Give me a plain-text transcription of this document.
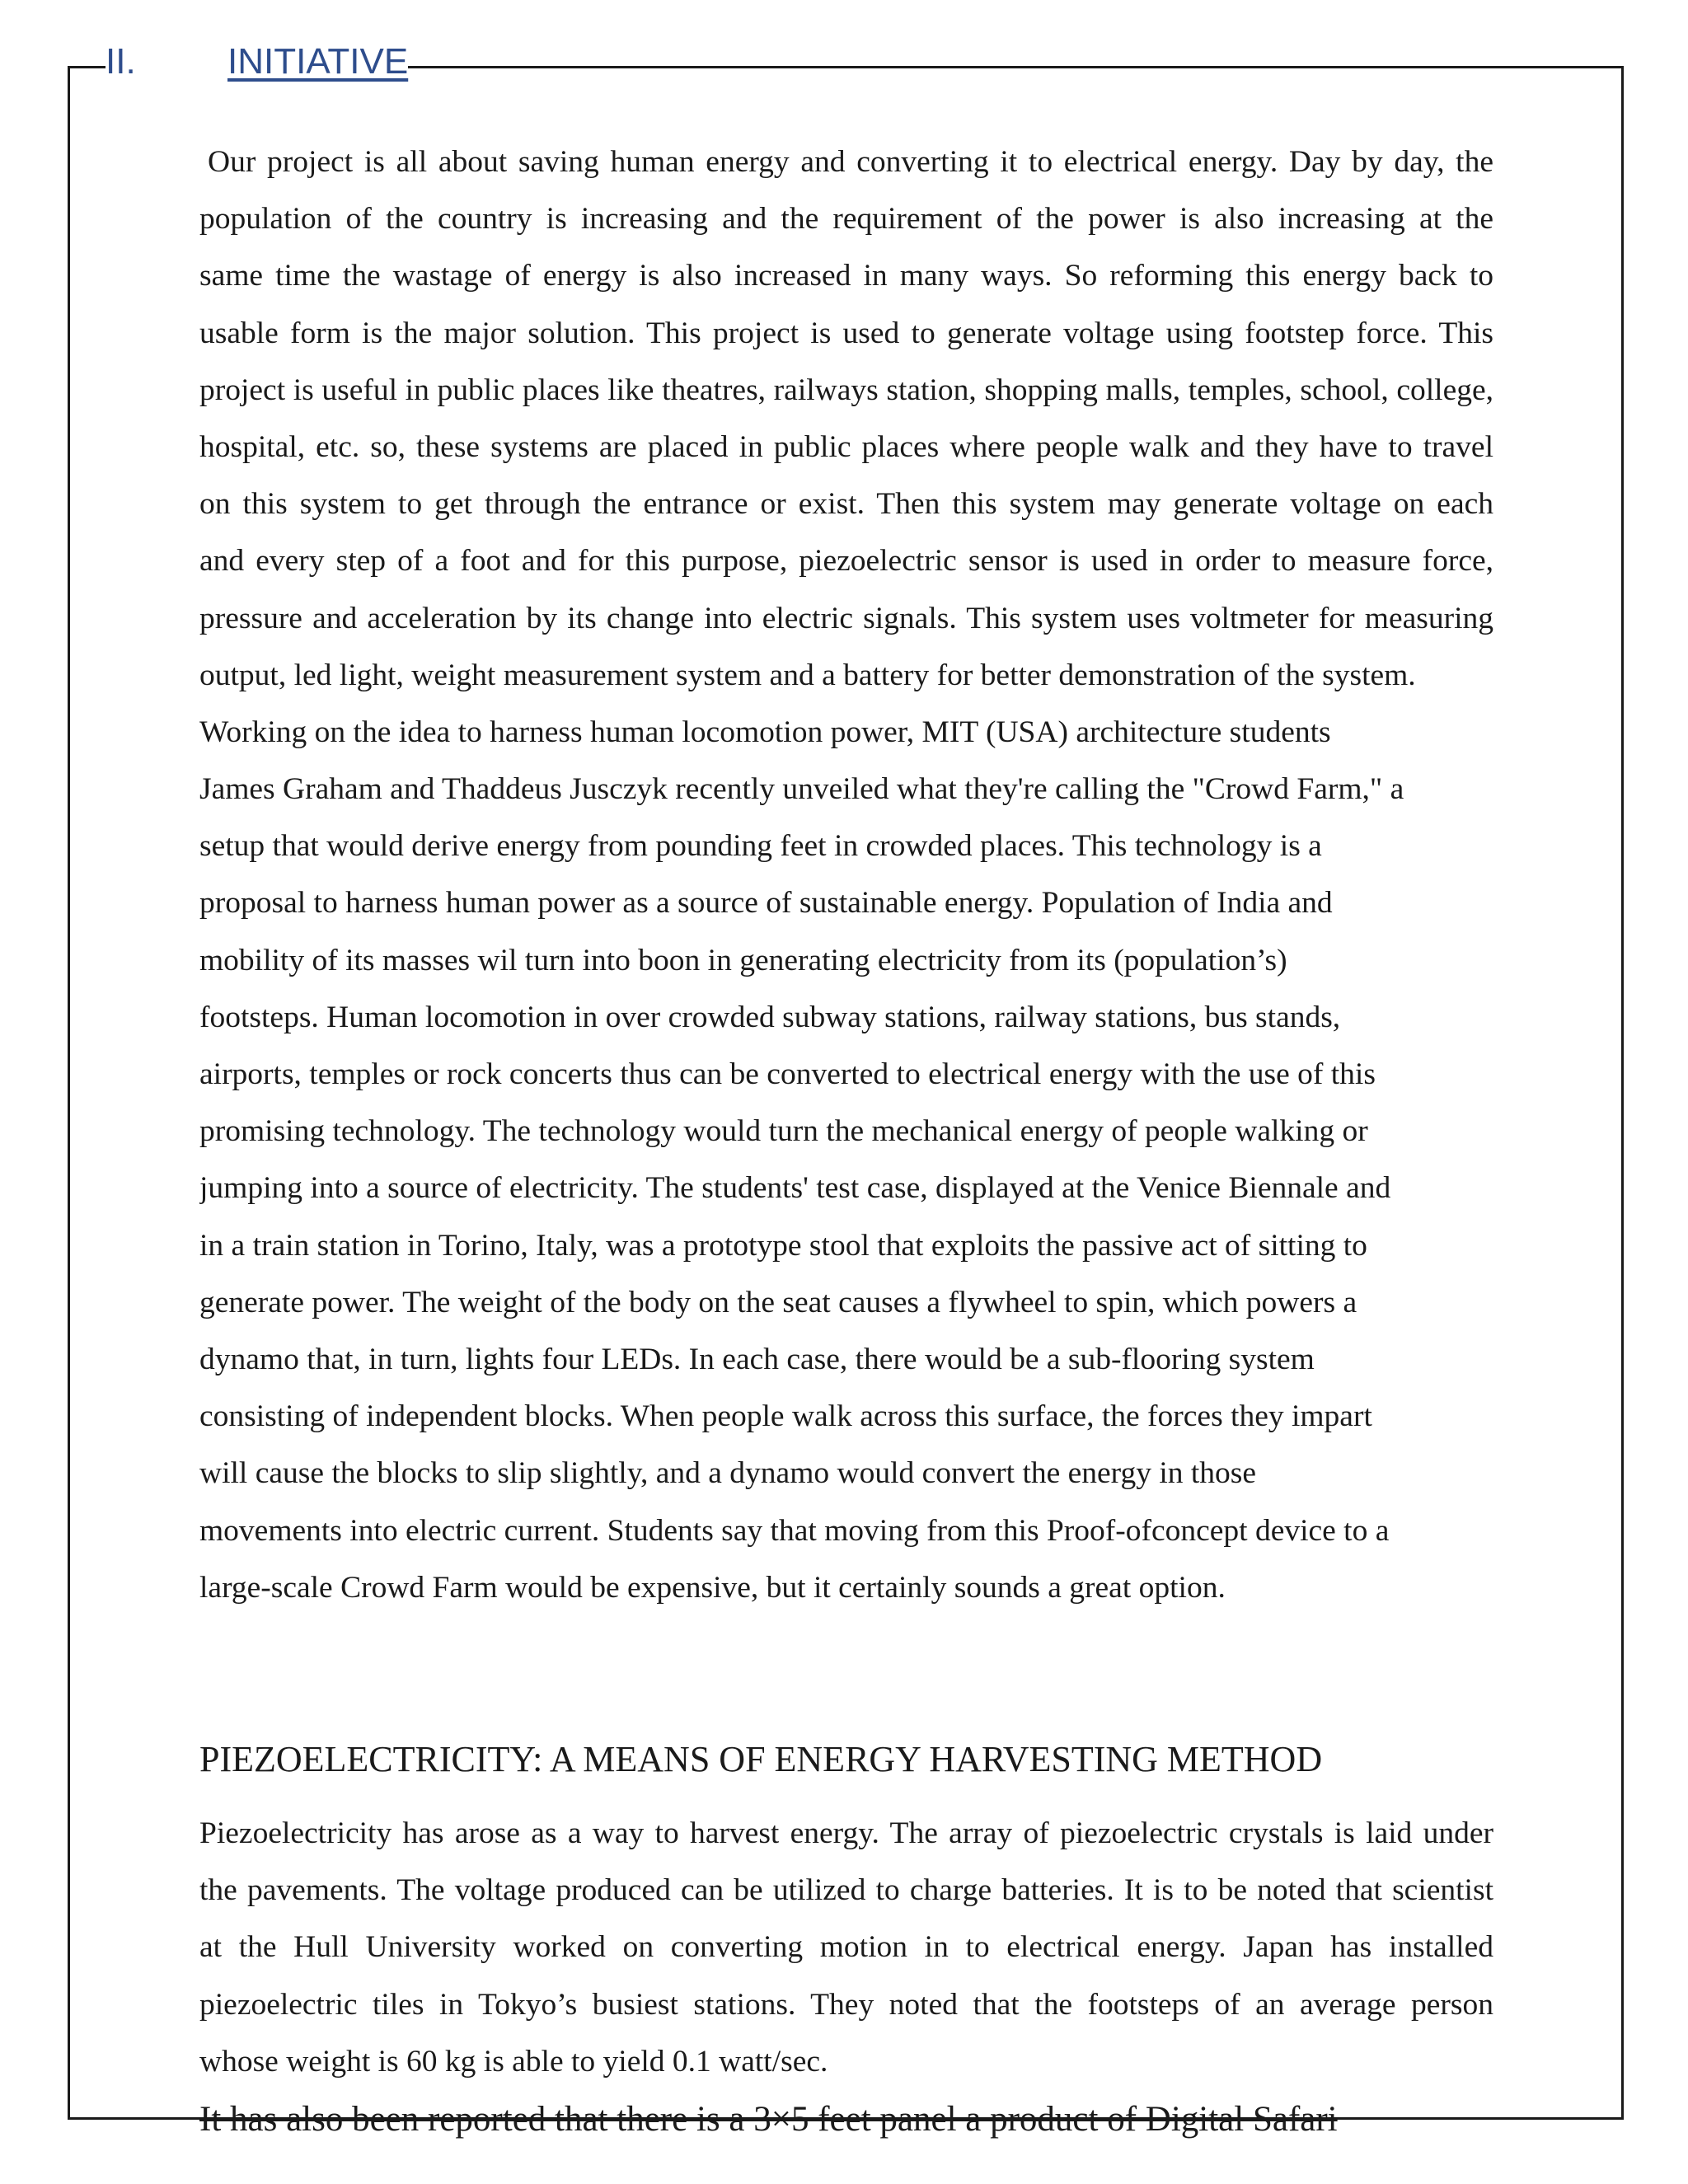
II.	INITIATIVE
Our project is all about saving human energy and converting it to electrical energy. Day by day, the
population of the country is increasing and the requirement of the power is also increasing at the
same time the wastage of energy is also increased in many ways. So reforming this energy back to
usable form is the major solution. This project is used to generate voltage using footstep force. This
project is useful in public places like theatres, railways station, shopping malls, temples, school, college,
hospital, etc. so, these systems are placed in public places where people walk and they have to travel
on this system to get through the entrance or exist. Then this system may generate voltage on each
and every step of a foot and for this purpose, piezoelectric sensor is used in order to measure force,
pressure and acceleration by its change into electric signals. This system uses voltmeter for measuring
output, led light, weight measurement system and a battery for better demonstration of the system.
Working on the idea to harness human locomotion power, MIT (USA) architecture students
James Graham and Thaddeus Jusczyk recently unveiled what they're calling the "Crowd Farm," a
setup that would derive energy from pounding feet in crowded places. This technology is a
proposal to harness human power as a source of sustainable energy. Population of India and
mobility of its masses wil turn into boon in generating electricity from its (population’s)
footsteps. Human locomotion in over crowded subway stations, railway stations, bus stands,
airports, temples or rock concerts thus can be converted to electrical energy with the use of this
promising technology. The technology would turn the mechanical energy of people walking or
jumping into a source of electricity. The students' test case, displayed at the Venice Biennale and
in a train station in Torino, Italy, was a prototype stool that exploits the passive act of sitting to
generate power. The weight of the body on the seat causes a flywheel to spin, which powers a
dynamo that, in turn, lights four LEDs. In each case, there would be a sub-flooring system
consisting of independent blocks. When people walk across this surface, the forces they impart
will cause the blocks to slip slightly, and a dynamo would convert the energy in those
movements into electric current. Students say that moving from this Proof-ofconcept device to a
large-scale Crowd Farm would be expensive, but it certainly sounds a great option.
PIEZOELECTRICITY: A MEANS OF ENERGY HARVESTING METHOD
Piezoelectricity has arose as a way to harvest energy. The array of piezoelectric crystals is laid under
the pavements. The voltage produced can be utilized to charge batteries. It is to be noted that scientist
at the Hull University worked on converting motion in to electrical energy. Japan has installed
piezoelectric tiles in Tokyo’s busiest stations. They noted that the footsteps of an average person
whose weight is 60 kg is able to yield 0.1 watt/sec.

It has also been reported that there is a 3×5 feet panel a product of Digital Safari
